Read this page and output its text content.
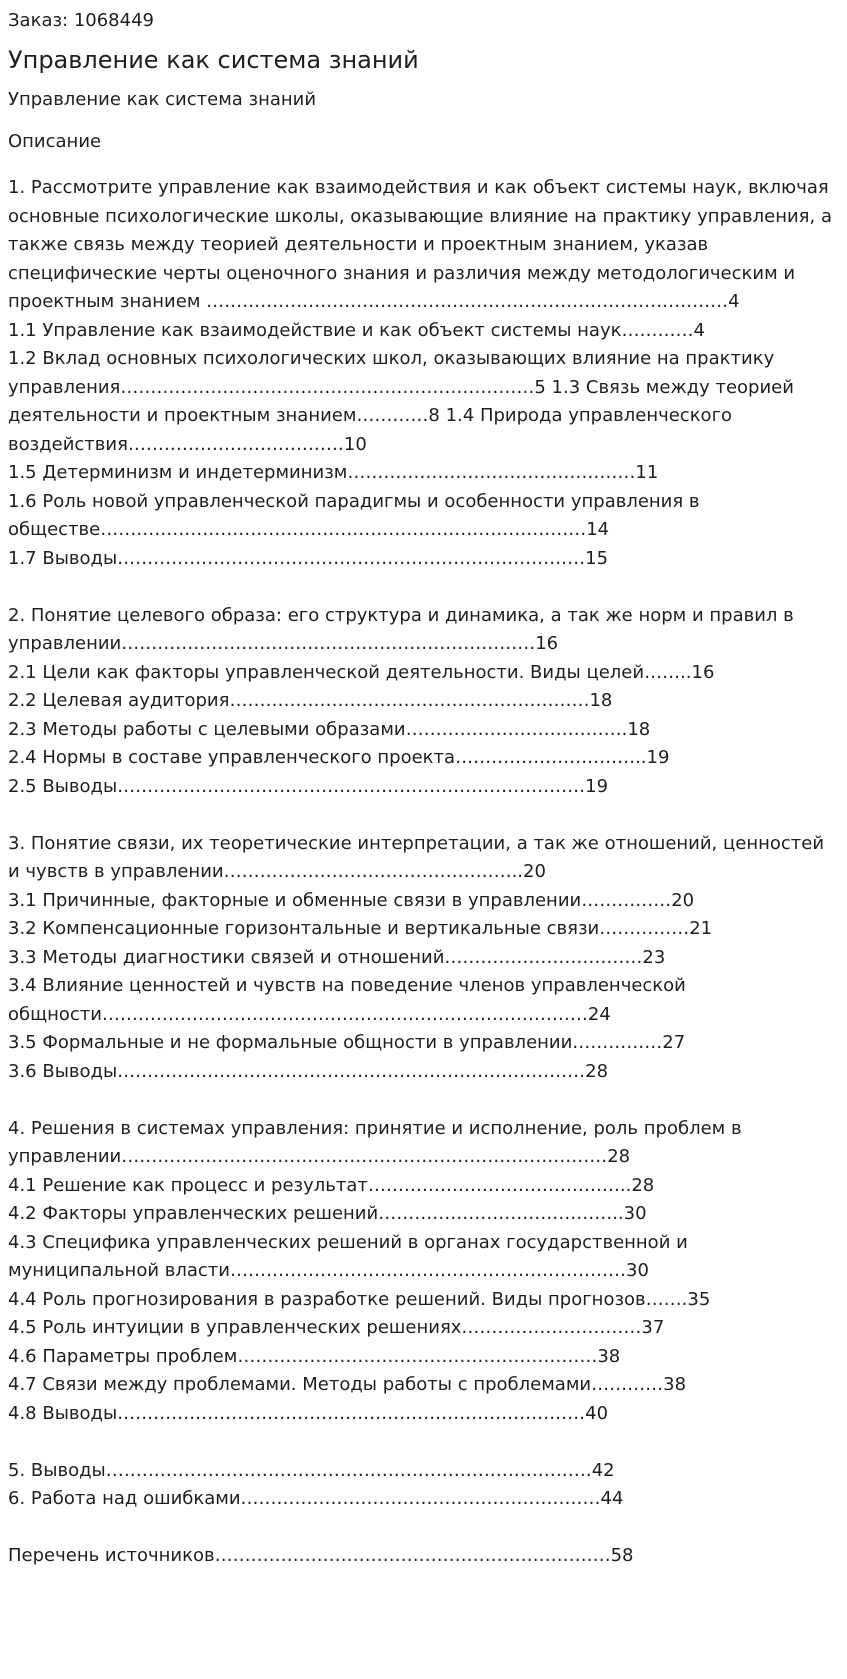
Заказ: 1068449

Управление как система знаний

Управление как система знаний

Описание

1. Рассмотрите управление как взаимодействия и как объект системы наук, включая основные психологические школы, оказывающие влияние на практику управления, а также связь между теорией деятельности и проектным знанием, указав специфические черты оценочного знания и различия между методологическим и проектным знанием ……………………………………………………………………………4

1.1 Управление как взаимодействие и как объект системы наук…………4

1.2 Вклад основных психологических школ, оказывающих влияние на практику управления……………………………………………………………5 1.3 Связь между теорией деятельности и проектным знанием…………8 1.4 Природа управленческого воздействия………………………………10

1.5 Детерминизм и индетерминизм…………………………………………11

1.6 Роль новой управленческой парадигмы и особенности управления в обществе………………………………………………………………………14

1.7 Выводы……………………………………………………………………15

2. Понятие целевого образа: его структура и динамика, а так же норм и правил в управлении……………………………………………………………16

2.1 Цели как факторы управленческой деятельности. Виды целей……..16

2.2 Целевая аудитория……………………………………………………18

2.3 Методы работы с целевыми образами……………………………….18

2.4 Нормы в составе управленческого проекта…………………………..19

2.5 Выводы……………………………………………………………………19

3. Понятие связи, их теоретические интерпретации, а так же отношений, ценностей и чувств в управлении…………………………………………..20

3.1 Причинные, факторные и обменные связи в управлении……………20

3.2 Компенсационные горизонтальные и вертикальные связи……………21

3.3 Методы диагностики связей и отношений……………………………23

3.4 Влияние ценностей и чувств на поведение членов управленческой общности………………………………………………………………………24

3.5 Формальные и не формальные общности в управлении……………27

3.6 Выводы……………………………………………………………………28

4. Решения в системах управления: принятие и исполнение, роль проблем в управлении………………………………………………………………………28

4.1 Решение как процесс и результат……………………………………..28

4.2 Факторы управленческих решений…………………………………..30

4.3 Специфика управленческих решений в органах государственной и муниципальной власти…………………………………………………………30

4.4 Роль прогнозирования в разработке решений. Виды прогнозов…….35

4.5 Роль интуиции в управленческих решениях…………………………37

4.6 Параметры проблем……………………………………………………38

4.7 Связи между проблемами. Методы работы с проблемами…………38

4.8 Выводы……………………………………………………………………40

5. Выводы………………………………………………………………………42

6. Работа над ошибками……………………………………………………44

Перечень источников…………………………………………………………58
